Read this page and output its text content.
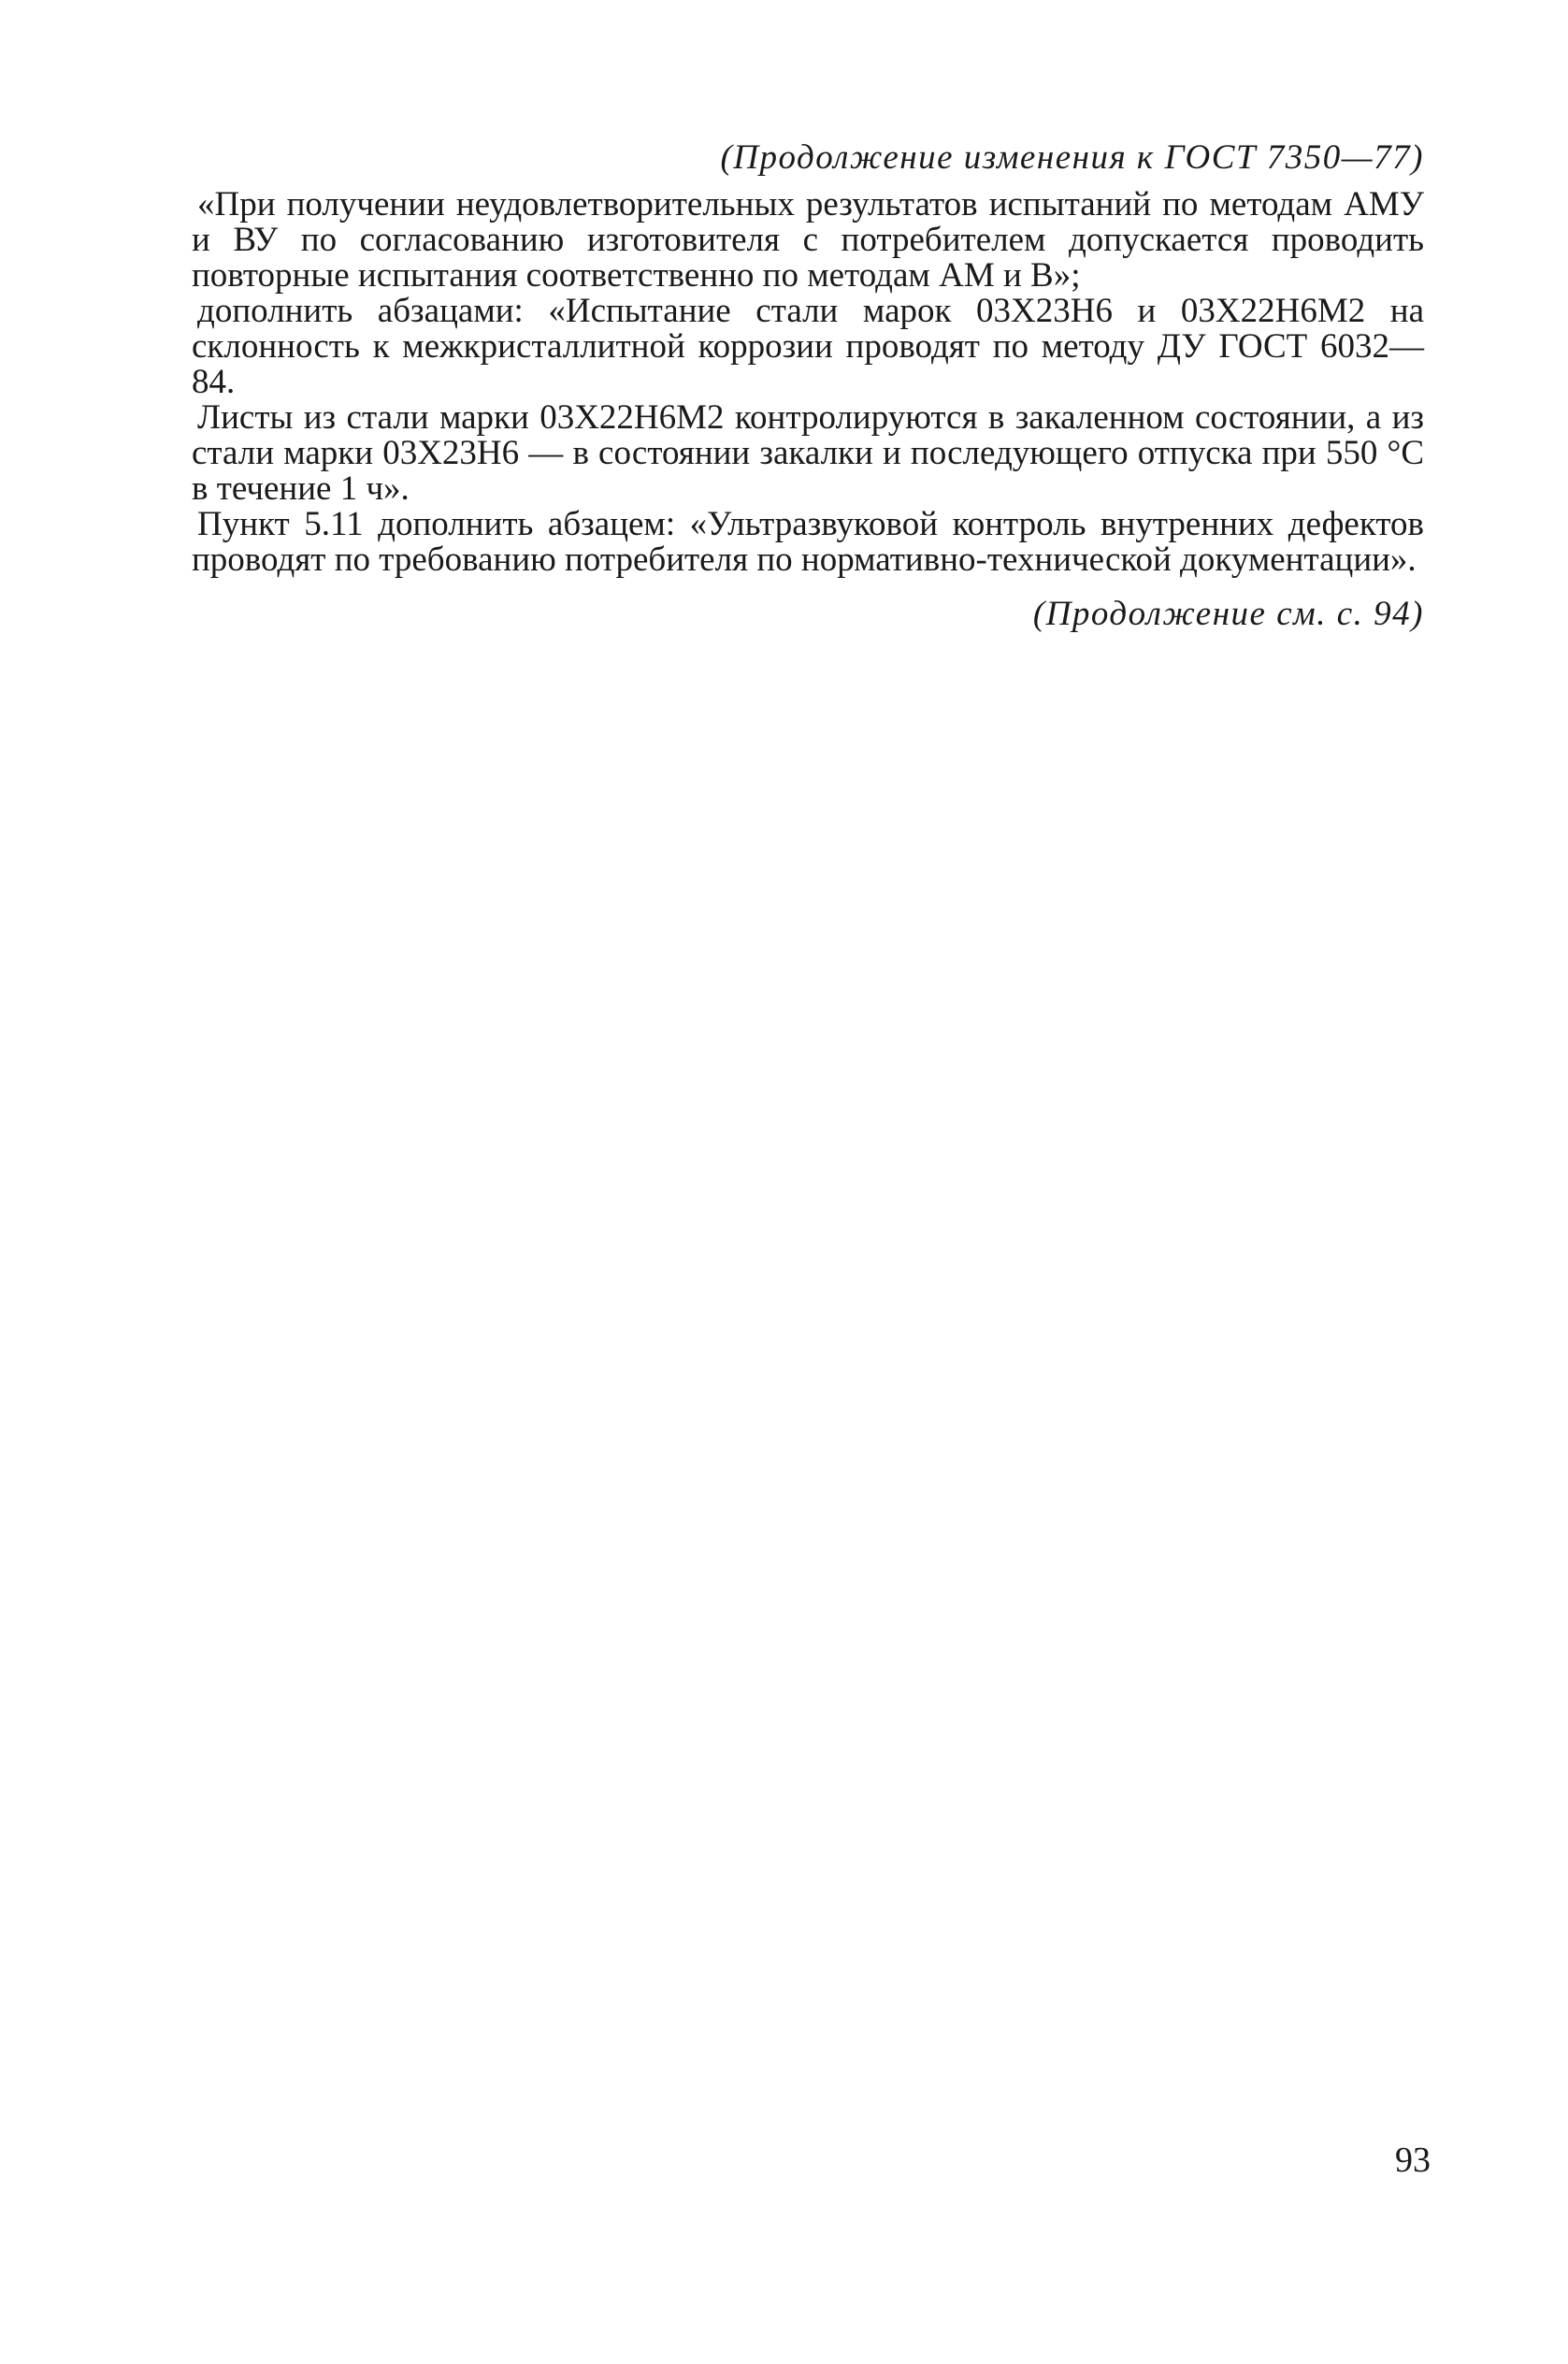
(Продолжение изменения к ГОСТ 7350—77)

«При получении неудовлетворительных результатов испытаний по методам АМУ и ВУ по согласованию изготовителя с потребителем допускается проводить повторные испытания соответственно по методам АМ и В»;

дополнить абзацами: «Испытание стали марок 03Х23Н6 и 03Х22Н6М2 на склонность к межкристаллитной коррозии проводят по методу ДУ ГОСТ 6032—84.

Листы из стали марки 03Х22Н6М2 контролируются в закаленном состоянии, а из стали марки 03Х23Н6 — в состоянии закалки и последующего отпуска при 550 °С в течение 1 ч».

Пункт 5.11 дополнить абзацем: «Ультразвуковой контроль внутренних дефектов проводят по требованию потребителя по нормативно-технической документации».

(Продолжение см. с. 94)

93
